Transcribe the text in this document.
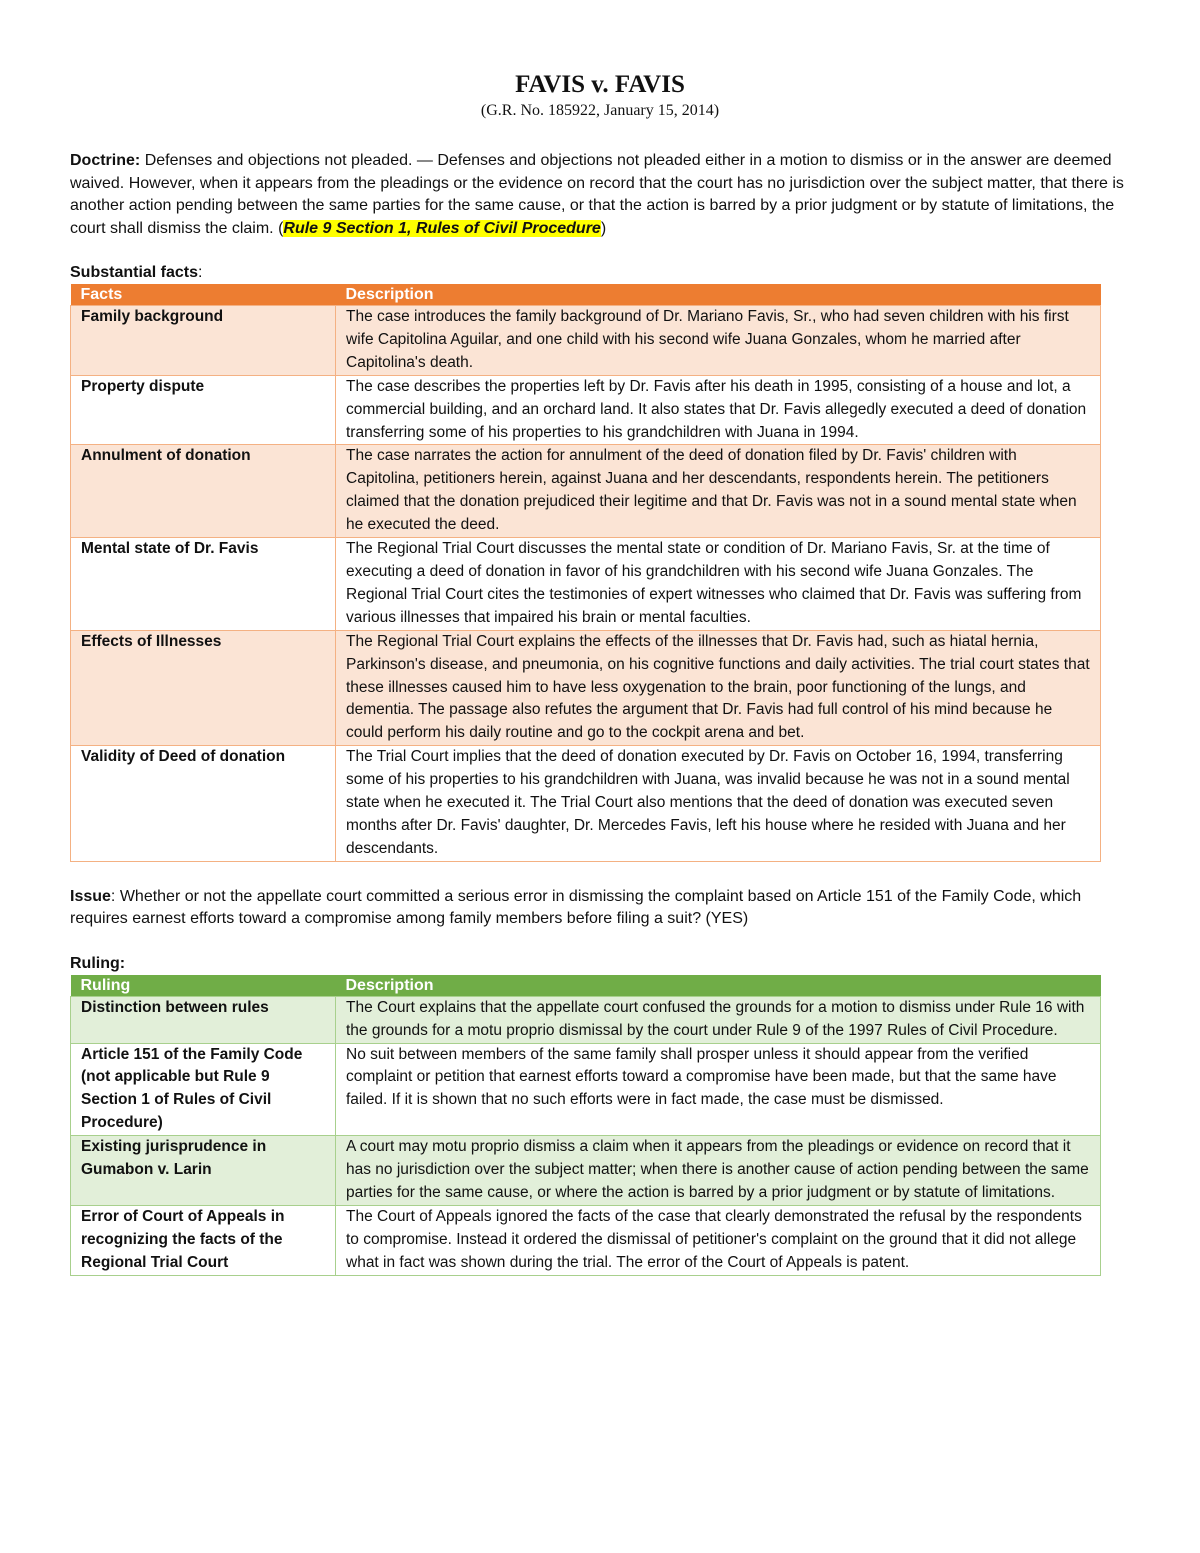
FAVIS v. FAVIS

(G.R. No. 185922, January 15, 2014)

Doctrine: Defenses and objections not pleaded. — Defenses and objections not pleaded either in a motion to dismiss or in the answer are deemed waived. However, when it appears from the pleadings or the evidence on record that the court has no jurisdiction over the subject matter, that there is another action pending between the same parties for the same cause, or that the action is barred by a prior judgment or by statute of limitations, the court shall dismiss the claim. (Rule 9 Section 1, Rules of Civil Procedure)

Substantial facts:

Facts	Description
Family background	The case introduces the family background of Dr. Mariano Favis, Sr., who had seven children with his first wife Capitolina Aguilar, and one child with his second wife Juana Gonzales, whom he married after Capitolina's death.
Property dispute	The case describes the properties left by Dr. Favis after his death in 1995, consisting of a house and lot, a commercial building, and an orchard land. It also states that Dr. Favis allegedly executed a deed of donation transferring some of his properties to his grandchildren with Juana in 1994.
Annulment of donation	The case narrates the action for annulment of the deed of donation filed by Dr. Favis' children with Capitolina, petitioners herein, against Juana and her descendants, respondents herein. The petitioners claimed that the donation prejudiced their legitime and that Dr. Favis was not in a sound mental state when he executed the deed.
Mental state of Dr. Favis	The Regional Trial Court discusses the mental state or condition of Dr. Mariano Favis, Sr. at the time of executing a deed of donation in favor of his grandchildren with his second wife Juana Gonzales. The Regional Trial Court cites the testimonies of expert witnesses who claimed that Dr. Favis was suffering from various illnesses that impaired his brain or mental faculties.
Effects of Illnesses	The Regional Trial Court explains the effects of the illnesses that Dr. Favis had, such as hiatal hernia, Parkinson's disease, and pneumonia, on his cognitive functions and daily activities. The trial court states that these illnesses caused him to have less oxygenation to the brain, poor functioning of the lungs, and dementia. The passage also refutes the argument that Dr. Favis had full control of his mind because he could perform his daily routine and go to the cockpit arena and bet.
Validity of Deed of donation	The Trial Court implies that the deed of donation executed by Dr. Favis on October 16, 1994, transferring some of his properties to his grandchildren with Juana, was invalid because he was not in a sound mental state when he executed it. The Trial Court also mentions that the deed of donation was executed seven months after Dr. Favis' daughter, Dr. Mercedes Favis, left his house where he resided with Juana and her descendants.

Issue: Whether or not the appellate court committed a serious error in dismissing the complaint based on Article 151 of the Family Code, which requires earnest efforts toward a compromise among family members before filing a suit? (YES)

Ruling:

Ruling	Description
Distinction between rules	The Court explains that the appellate court confused the grounds for a motion to dismiss under Rule 16 with the grounds for a motu proprio dismissal by the court under Rule 9 of the 1997 Rules of Civil Procedure.
Article 151 of the Family Code (not applicable but Rule 9 Section 1 of Rules of Civil Procedure)	No suit between members of the same family shall prosper unless it should appear from the verified complaint or petition that earnest efforts toward a compromise have been made, but that the same have failed. If it is shown that no such efforts were in fact made, the case must be dismissed.
Existing jurisprudence in Gumabon v. Larin	A court may motu proprio dismiss a claim when it appears from the pleadings or evidence on record that it has no jurisdiction over the subject matter; when there is another cause of action pending between the same parties for the same cause, or where the action is barred by a prior judgment or by statute of limitations.
Error of Court of Appeals in recognizing the facts of the Regional Trial Court	The Court of Appeals ignored the facts of the case that clearly demonstrated the refusal by the respondents to compromise. Instead it ordered the dismissal of petitioner's complaint on the ground that it did not allege what in fact was shown during the trial. The error of the Court of Appeals is patent.
